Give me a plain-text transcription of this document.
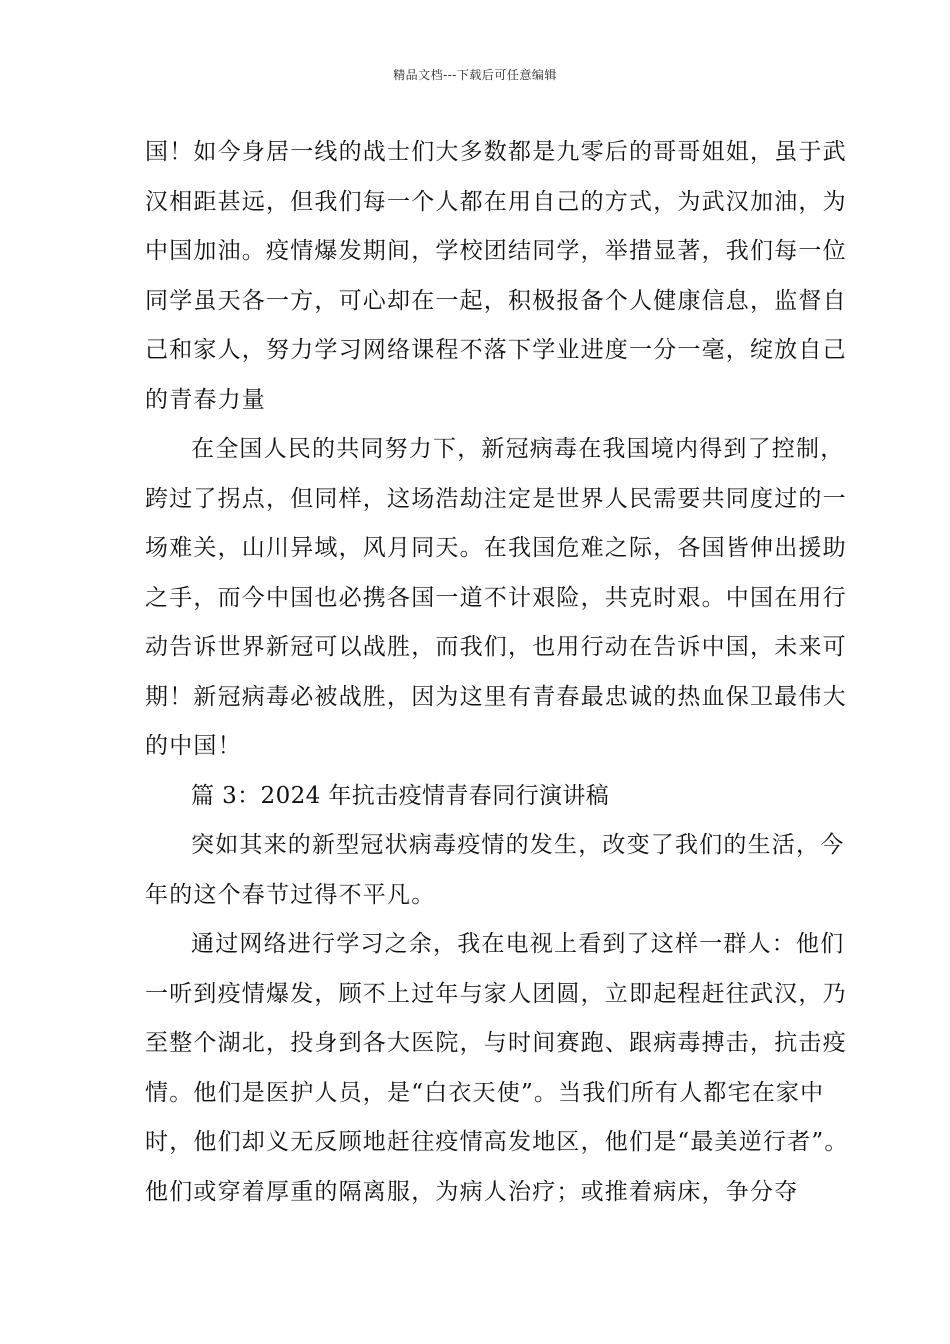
精品文档---下载后可任意编辑
国！如今身居一线的战士们大多数都是九零后的哥哥姐姐，虽于武
汉相距甚远，但我们每一个人都在用自己的方式，为武汉加油，为
中国加油。疫情爆发期间，学校团结同学，举措显著，我们每一位
同学虽天各一方，可心却在一起，积极报备个人健康信息，监督自
己和家人，努力学习网络课程不落下学业进度一分一毫，绽放自己
的青春力量
在全国人民的共同努力下，新冠病毒在我国境内得到了控制，
跨过了拐点，但同样，这场浩劫注定是世界人民需要共同度过的一
场难关，山川异域，风月同天。在我国危难之际，各国皆伸出援助
之手，而今中国也必携各国一道不计艰险，共克时艰。中国在用行
动告诉世界新冠可以战胜，而我们，也用行动在告诉中国，未来可
期！新冠病毒必被战胜，因为这里有青春最忠诚的热血保卫最伟大
的中国！
篇 3：2024 年抗击疫情青春同行演讲稿
突如其来的新型冠状病毒疫情的发生，改变了我们的生活，今
年的这个春节过得不平凡。
通过网络进行学习之余，我在电视上看到了这样一群人：他们
一听到疫情爆发，顾不上过年与家人团圆，立即起程赶往武汉，乃
至整个湖北，投身到各大医院，与时间赛跑、跟病毒搏击，抗击疫
情。他们是医护人员，是“白衣天使”。当我们所有人都宅在家中
时，他们却义无反顾地赶往疫情高发地区，他们是“最美逆行者”。
他们或穿着厚重的隔离服，为病人治疗；或推着病床，争分夺
